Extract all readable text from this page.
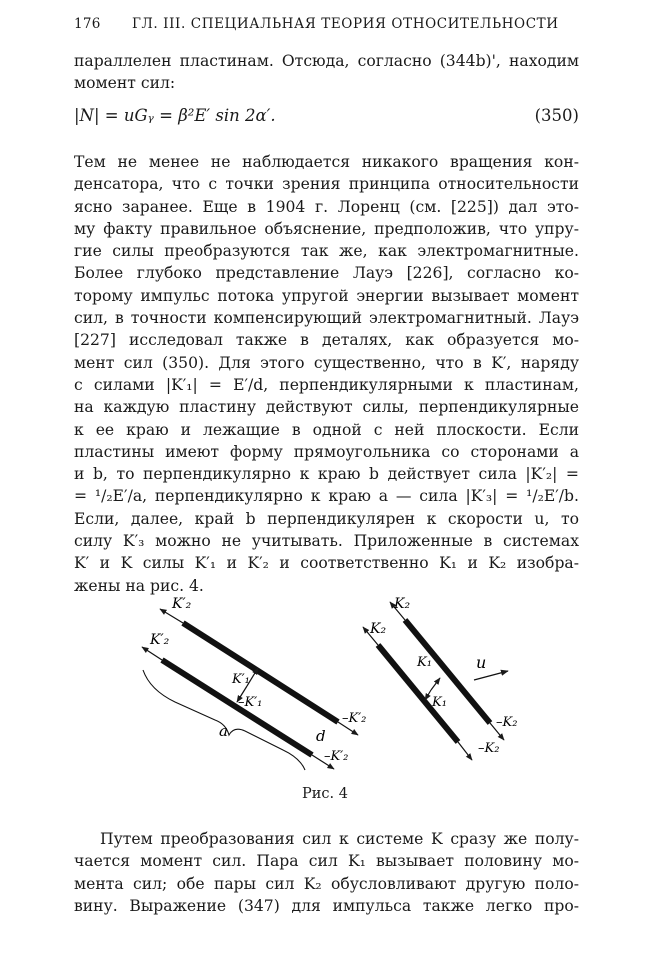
176 ГЛ. III. СПЕЦИАЛЬНАЯ ТЕОРИЯ ОТНОСИТЕЛЬНОСТИ
параллелен пластинам. Отсюда, согласно (344b)', находим
момент сил:
|N| = uGᵧ = β²E′ sin 2α′.	(350)
Тем не менее не наблюдается никакого вращения кон-
денсатора, что с точки зрения принципа относительности
ясно заранее. Еще в 1904 г. Лоренц (см. [225]) дал это-
му факту правильное объяснение, предположив, что упру-
гие силы преобразуются так же, как электромагнитные.
Более глубоко представление Лауэ [226], согласно ко-
торому импульс потока упругой энергии вызывает момент
сил, в точности компенсирующий электромагнитный. Лауэ
[227] исследовал также в деталях, как образуется мо-
мент сил (350). Для этого существенно, что в K′, наряду
с силами |K′₁| = E′/d, перпендикулярными к пластинам,
на каждую пластину действуют силы, перпендикулярные
к ее краю и лежащие в одной с ней плоскости. Если
пластины имеют форму прямоугольника со сторонами a
и b, то перпендикулярно к краю b действует сила |K′₂| =
= ¹/₂E′/a, перпендикулярно к краю a — сила |K′₃| = ¹/₂E′/b.
Если, далее, край b перпендикулярен к скорости u, то
силу K′₃ можно не учитывать. Приложенные в системах
K′ и K силы K′₁ и K′₂ и соответственно K₁ и K₂ изобра-
жены на рис. 4.
K′₂
K′₂
K′₁
–K′₁
–K′₂
–K′₂
a	d
K₂
K₂
K₁
K₁
u
–K₂
–K₂
Рис. 4
Путем преобразования сил к системе K сразу же полу-
чается момент сил. Пара сил K₁ вызывает половину мо-
мента сил; обе пары сил K₂ обусловливают другую поло-
вину. Выражение (347) для импульса также легко про-
